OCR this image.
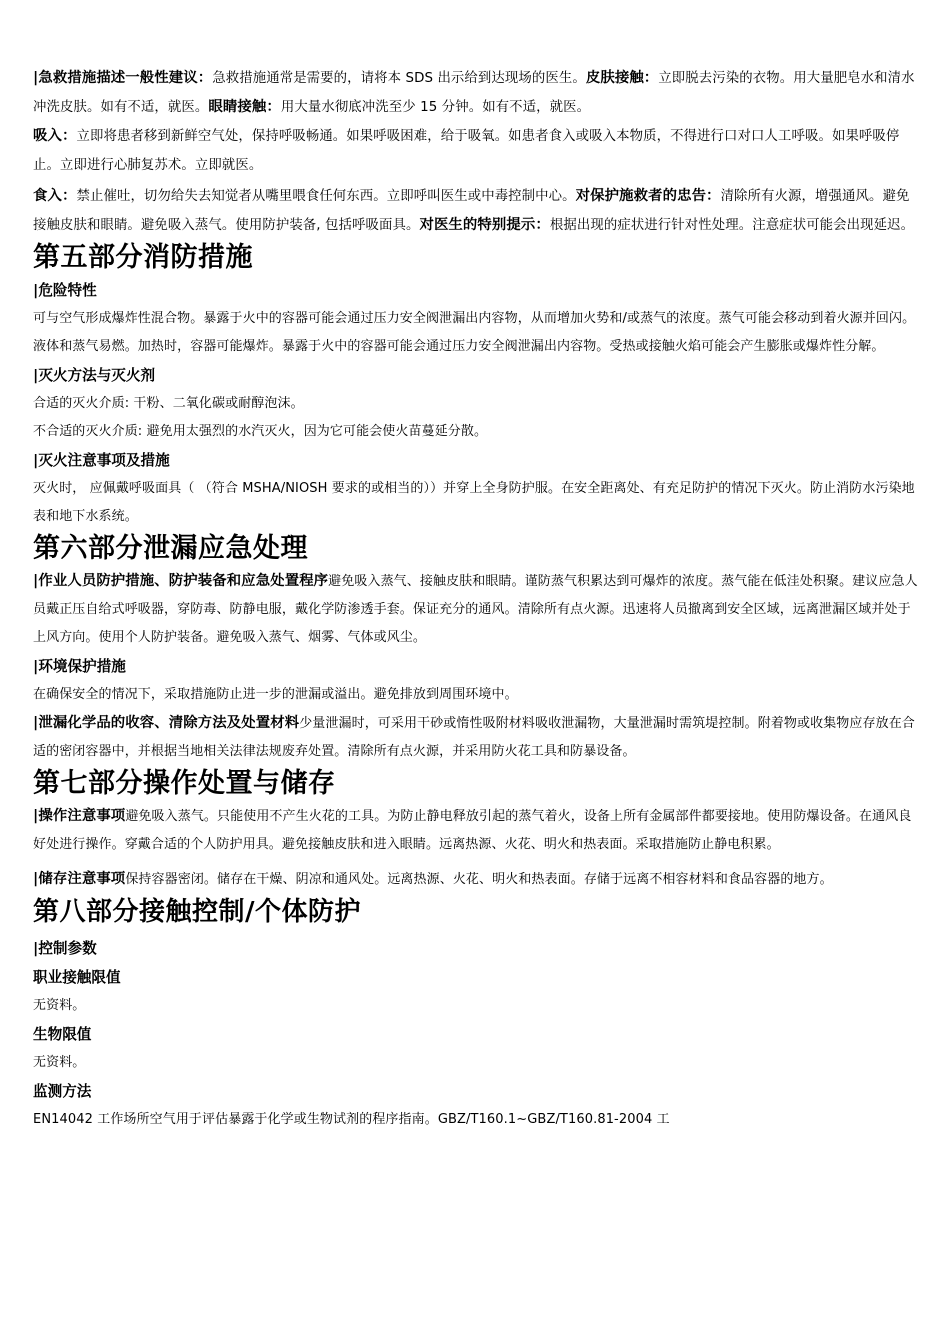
|急救措施描述一般性建议：急救措施通常是需要的，请将本 SDS 出示给到达现场的医生。皮肤接触：立即脱去污染的衣物。用大量肥皂水和清水冲洗皮肤。如有不适，就医。眼睛接触：用大量水彻底冲洗至少 15 分钟。如有不适，就医。

吸入：立即将患者移到新鲜空气处，保持呼吸畅通。如果呼吸困难，给于吸氧。如患者食入或吸入本物质，不得进行口对口人工呼吸。如果呼吸停止。立即进行心肺复苏术。立即就医。

食入：禁止催吐，切勿给失去知觉者从嘴里喂食任何东西。立即呼叫医生或中毒控制中心。对保护施救者的忠告：清除所有火源，增强通风。避免接触皮肤和眼睛。避免吸入蒸气。使用防护装备, 包括呼吸面具。对医生的特别提示：根据出现的症状进行针对性处理。注意症状可能会出现延迟。

第五部分消防措施
|危险特性

可与空气形成爆炸性混合物。暴露于火中的容器可能会通过压力安全阀泄漏出内容物，从而增加火势和/或蒸气的浓度。蒸气可能会移动到着火源并回闪。液体和蒸气易燃。加热时，容器可能爆炸。暴露于火中的容器可能会通过压力安全阀泄漏出内容物。受热或接触火焰可能会产生膨胀或爆炸性分解。

|灭火方法与灭火剂

合适的灭火介质: 干粉、二氧化碳或耐醇泡沫。

不合适的灭火介质: 避免用太强烈的水汽灭火，因为它可能会使火苗蔓延分散。

|灭火注意事项及措施

灭火时， 应佩戴呼吸面具（ （符合 MSHA/NIOSH 要求的或相当的））并穿上全身防护服。在安全距离处、有充足防护的情况下灭火。防止消防水污染地表和地下水系统。

第六部分泄漏应急处理

|作业人员防护措施、防护装备和应急处置程序避免吸入蒸气、接触皮肤和眼睛。谨防蒸气积累达到可爆炸的浓度。蒸气能在低洼处积聚。建议应急人员戴正压自给式呼吸器，穿防毒、防静电服，戴化学防渗透手套。保证充分的通风。清除所有点火源。迅速将人员撤离到安全区域，远离泄漏区域并处于上风方向。使用个人防护装备。避免吸入蒸气、烟雾、气体或风尘。

|环境保护措施

在确保安全的情况下，采取措施防止进一步的泄漏或溢出。避免排放到周围环境中。

|泄漏化学品的收容、清除方法及处置材料少量泄漏时，可采用干砂或惰性吸附材料吸收泄漏物，大量泄漏时需筑堤控制。附着物或收集物应存放在合适的密闭容器中，并根据当地相关法律法规废弃处置。清除所有点火源，并采用防火花工具和防暴设备。

第七部分操作处置与储存

|操作注意事项避免吸入蒸气。只能使用不产生火花的工具。为防止静电释放引起的蒸气着火，设备上所有金属部件都要接地。使用防爆设备。在通风良好处进行操作。穿戴合适的个人防护用具。避免接触皮肤和进入眼睛。远离热源、火花、明火和热表面。采取措施防止静电积累。

|储存注意事项保持容器密闭。储存在干燥、阴凉和通风处。远离热源、火花、明火和热表面。存储于远离不相容材料和食品容器的地方。

第八部分接触控制/个体防护

|控制参数
职业接触限值

无资料。

生物限值

无资料。

监测方法

EN14042 工作场所空气用于评估暴露于化学或生物试剂的程序指南。GBZ/T160.1~GBZ/T160.81-2004 工
